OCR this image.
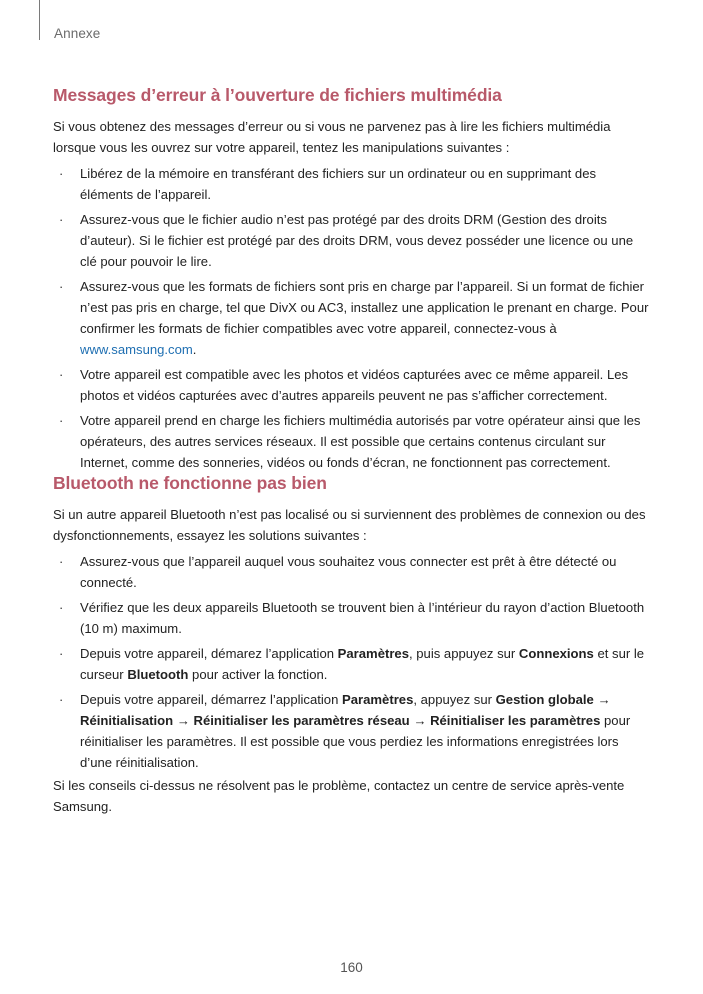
Annexe
Messages d’erreur à l’ouverture de fichiers multimédia

Si vous obtenez des messages d’erreur ou si vous ne parvenez pas à lire les fichiers multimédia lorsque vous les ouvrez sur votre appareil, tentez les manipulations suivantes :

· Libérez de la mémoire en transférant des fichiers sur un ordinateur ou en supprimant des éléments de l’appareil.
· Assurez-vous que le fichier audio n’est pas protégé par des droits DRM (Gestion des droits d’auteur). Si le fichier est protégé par des droits DRM, vous devez posséder une licence ou une clé pour pouvoir le lire.
· Assurez-vous que les formats de fichiers sont pris en charge par l’appareil. Si un format de fichier n’est pas pris en charge, tel que DivX ou AC3, installez une application le prenant en charge. Pour confirmer les formats de fichier compatibles avec votre appareil, connectez-vous à www.samsung.com.
· Votre appareil est compatible avec les photos et vidéos capturées avec ce même appareil. Les photos et vidéos capturées avec d’autres appareils peuvent ne pas s’afficher correctement.
· Votre appareil prend en charge les fichiers multimédia autorisés par votre opérateur ainsi que les opérateurs, des autres services réseaux. Il est possible que certains contenus circulant sur Internet, comme des sonneries, vidéos ou fonds d’écran, ne fonctionnent pas correctement.
Bluetooth ne fonctionne pas bien

Si un autre appareil Bluetooth n’est pas localisé ou si surviennent des problèmes de connexion ou des dysfonctionnements, essayez les solutions suivantes :

· Assurez-vous que l’appareil auquel vous souhaitez vous connecter est prêt à être détecté ou connecté.
· Vérifiez que les deux appareils Bluetooth se trouvent bien à l’intérieur du rayon d’action Bluetooth (10 m) maximum.
· Depuis votre appareil, démarez l’application Paramètres, puis appuyez sur Connexions et sur le curseur Bluetooth pour activer la fonction.
· Depuis votre appareil, démarrez l’application Paramètres, appuyez sur Gestion globale → Réinitialisation → Réinitialiser les paramètres réseau → Réinitialiser les paramètres pour réinitialiser les paramètres. Il est possible que vous perdiez les informations enregistrées lors d’une réinitialisation.

Si les conseils ci-dessus ne résolvent pas le problème, contactez un centre de service après-vente Samsung.

160
